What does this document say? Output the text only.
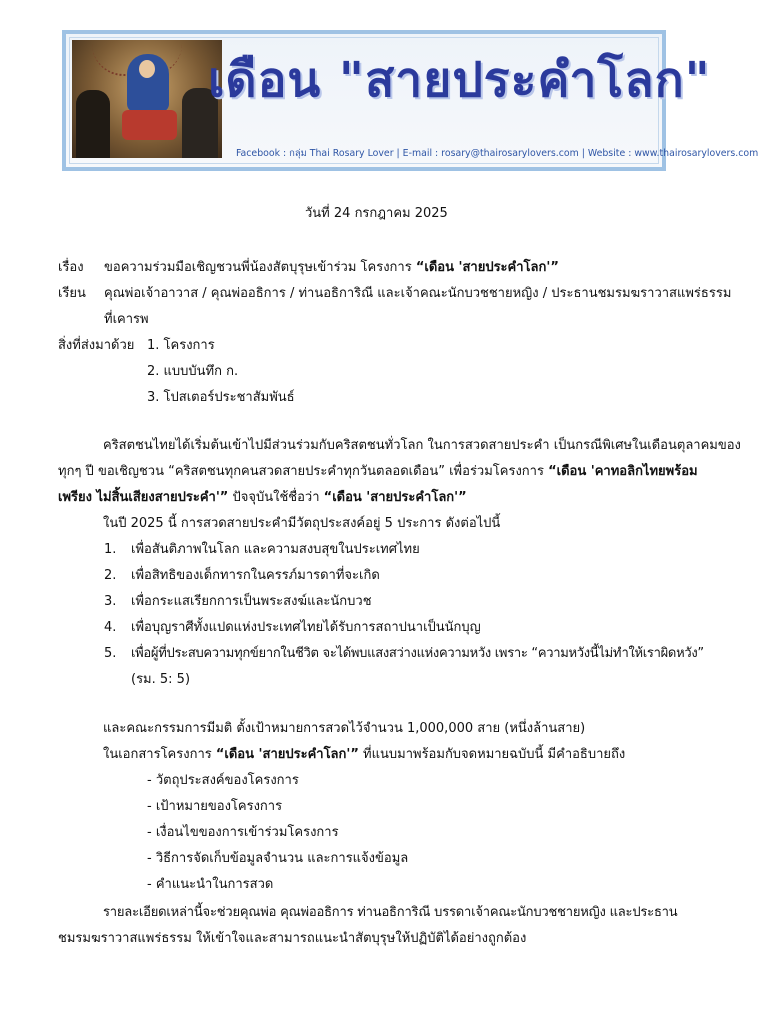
เดือน "สายประคำโลก"
Facebook : กลุ่ม Thai Rosary Lover | E-mail : rosary@thairosarylovers.com | Website : www.thairosarylovers.com
วันที่ 24 กรกฎาคม 2025
เรื่อง ขอความร่วมมือเชิญชวนพี่น้องสัตบุรุษเข้าร่วม โครงการ “เดือน 'สายประคำโลก'”
เรียน คุณพ่อเจ้าอาวาส / คุณพ่ออธิการ / ท่านอธิการิณี และเจ้าคณะนักบวชชายหญิง / ประธานชมรมฆราวาสแพร่ธรรม
ที่เคารพ
สิ่งที่ส่งมาด้วย 1. โครงการ
2. แบบบันทึก ก.
3. โปสเตอร์ประชาสัมพันธ์
คริสตชนไทยได้เริ่มต้นเข้าไปมีส่วนร่วมกับคริสตชนทั่วโลก ในการสวดสายประคำ เป็นกรณีพิเศษในเดือนตุลาคมของ
ทุกๆ ปี ขอเชิญชวน “คริสตชนทุกคนสวดสายประคำทุกวันตลอดเดือน” เพื่อร่วมโครงการ “เดือน 'คาทอลิกไทยพร้อม
เพรียง ไม่สิ้นเสียงสายประคำ'” ปัจจุบันใช้ชื่อว่า “เดือน 'สายประคำโลก'”
ในปี 2025 นี้ การสวดสายประคำมีวัตถุประสงค์อยู่ 5 ประการ ดังต่อไปนี้
1. เพื่อสันติภาพในโลก และความสงบสุขในประเทศไทย
2. เพื่อสิทธิของเด็กทารกในครรภ์มารดาที่จะเกิด
3. เพื่อกระแสเรียกการเป็นพระสงฆ์และนักบวช
4. เพื่อบุญราศีทั้งแปดแห่งประเทศไทยได้รับการสถาปนาเป็นนักบุญ
5. เพื่อผู้ที่ประสบความทุกข์ยากในชีวิต จะได้พบแสงสว่างแห่งความหวัง เพราะ “ความหวังนี้ไม่ทำให้เราผิดหวัง”
(รม. 5: 5)
และคณะกรรมการมีมติ ตั้งเป้าหมายการสวดไว้จำนวน 1,000,000 สาย (หนึ่งล้านสาย)
ในเอกสารโครงการ “เดือน 'สายประคำโลก'” ที่แนบมาพร้อมกับจดหมายฉบับนี้ มีคำอธิบายถึง
- วัตถุประสงค์ของโครงการ
- เป้าหมายของโครงการ
- เงื่อนไขของการเข้าร่วมโครงการ
- วิธีการจัดเก็บข้อมูลจำนวน และการแจ้งข้อมูล
- คำแนะนำในการสวด
รายละเอียดเหล่านี้จะช่วยคุณพ่อ คุณพ่ออธิการ ท่านอธิการิณี บรรดาเจ้าคณะนักบวชชายหญิง และประธาน
ชมรมฆราวาสแพร่ธรรม ให้เข้าใจและสามารถแนะนำสัตบุรุษให้ปฏิบัติได้อย่างถูกต้อง
